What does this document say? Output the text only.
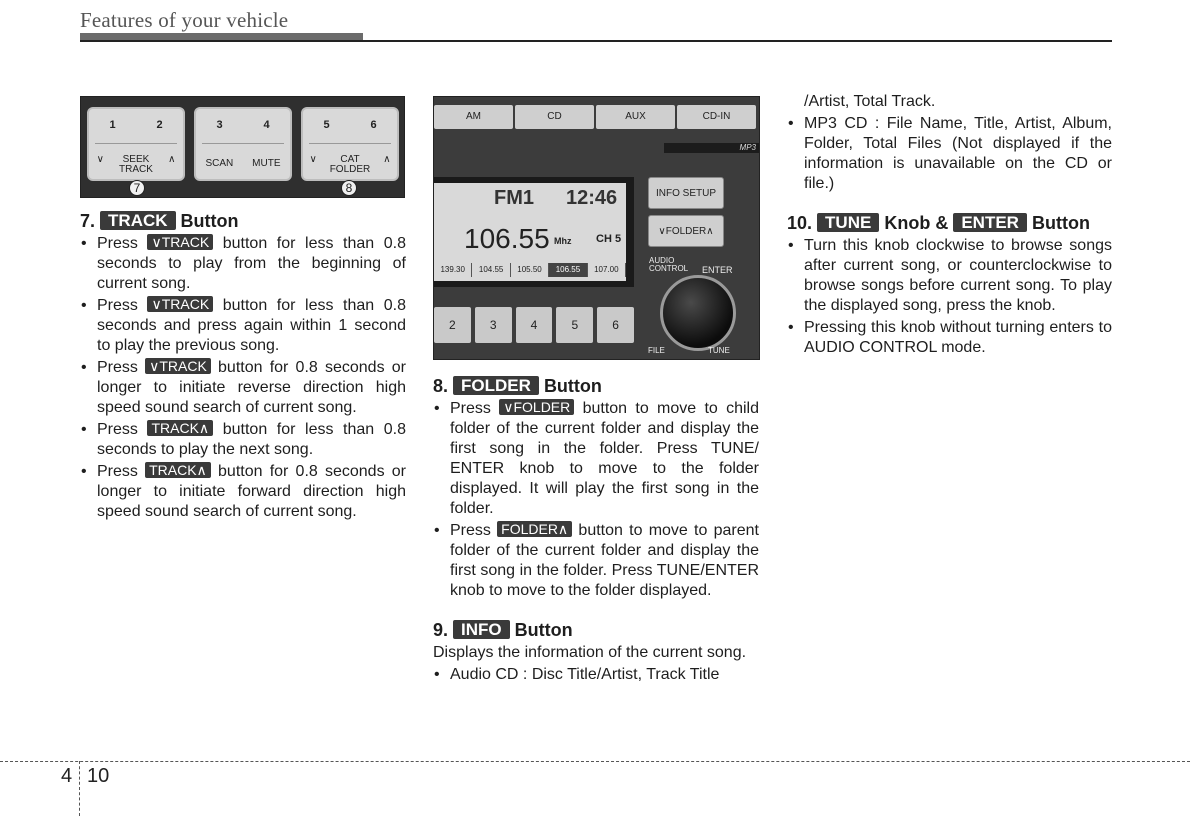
Features of your vehicle
1	2
∨	SEEK
TRACK
∧
3	4
SCAN MUTE
5	6
∨	CAT
FOLDER
∧
7	8
AM	CD	AUX	CD-IN
MP3
FM1 12:46
106.55 Mhz CH 5
139.30	104.55	105.50	106.55	107.00
INFO SETUP
∨FOLDER∧
AUDIO
CONTROL ENTER
2	3	4	5	6
FILE	TUNE
7. TRACK Button
• Press ∨TRACK button for less than 0.8 seconds to play from the beginning of current song.
• Press ∨TRACK button for less than 0.8 seconds and press again within 1 second to play the previous song.
• Press ∨TRACK button for 0.8 seconds or longer to initiate reverse direction high speed sound search of current song.
• Press TRACK∧ button for less than 0.8 seconds to play the next song.
• Press TRACK∧ button for 0.8 seconds or longer to initiate forward direction high speed sound search of current song.
8. FOLDER Button
• Press ∨FOLDER button to move to child folder of the current folder and display the first song in the folder. Press TUNE/ ENTER knob to move to the folder displayed. It will play the first song in the folder.
• Press FOLDER∧ button to move to parent folder of the current folder and display the first song in the folder. Press TUNE/ENTER knob to move to the folder displayed.
9. INFO Button

Displays the information of the current song.

• Audio CD : Disc Title/Artist, Track Title

/Artist, Total Track.

• MP3 CD : File Name, Title, Artist, Album, Folder, Total Files (Not displayed if the information is unavailable on the CD or file.)
10. TUNE Knob & ENTER Button
• Turn this knob clockwise to browse songs after current song, or counterclockwise to browse songs before current song. To play the displayed song, press the knob.
• Pressing this knob without turning enters to AUDIO CONTROL mode.
4 10
